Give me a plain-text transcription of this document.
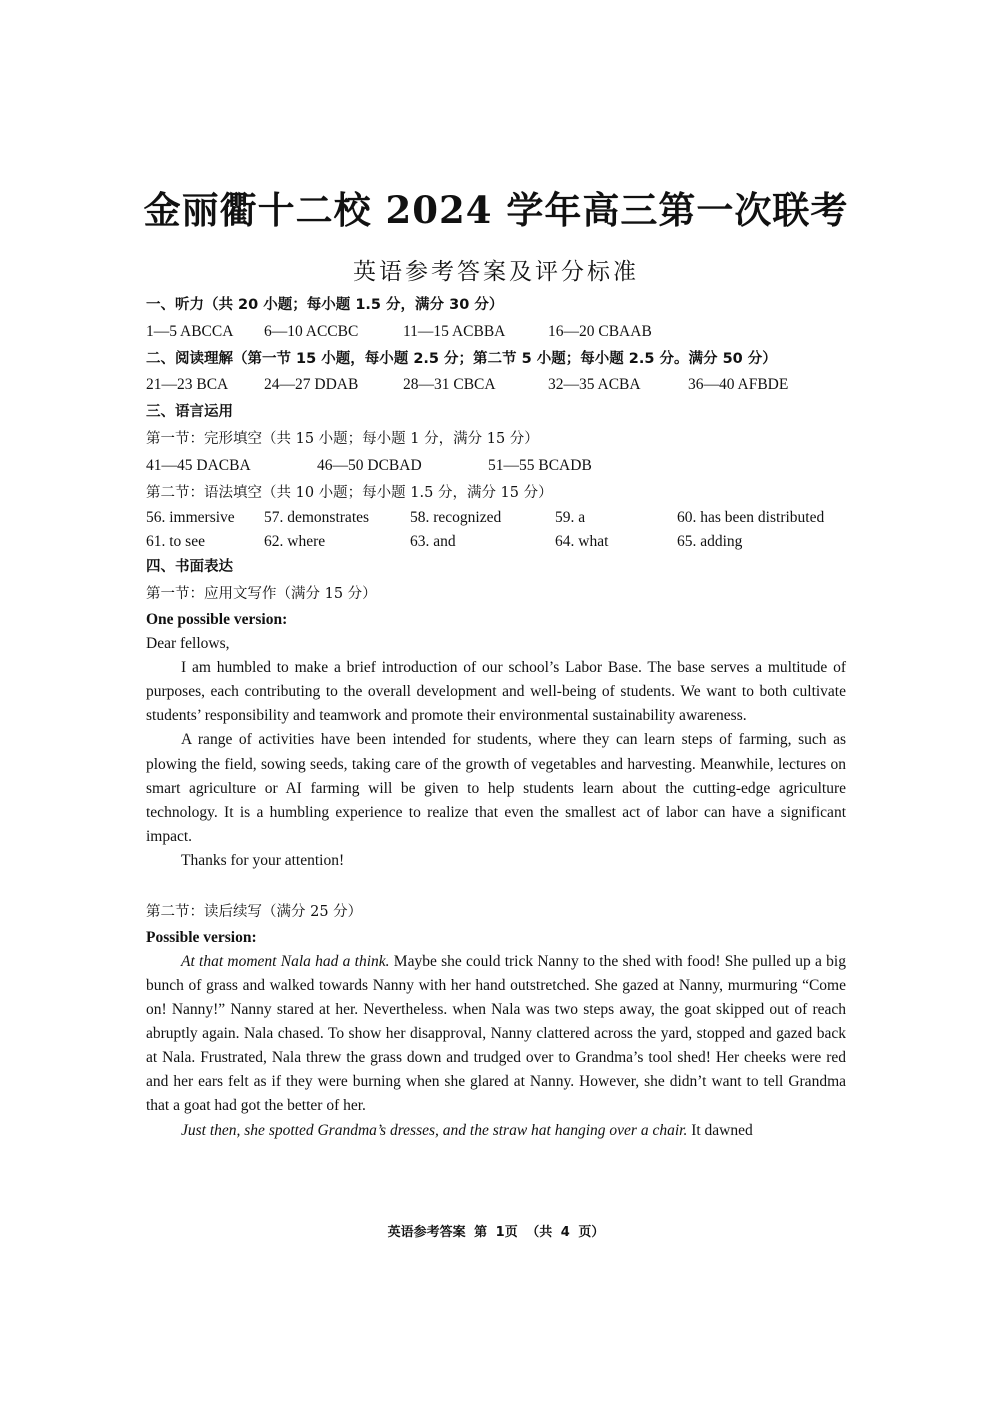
金丽衢十二校 2024 学年高三第一次联考
英语参考答案及评分标准
一、听力（共 20 小题；每小题 1.5 分，满分 30 分）
1—5 ABCCA 6—10 ACCBC	11—15 ACBBA	16—20 CBAAB
二、阅读理解（第一节 15 小题，每小题 2.5 分；第二节 5 小题；每小题 2.5 分。满分 50 分）
21—23 BCA 24—27 DDAB	28—31 CBCA	32—35 ACBA	36—40 AFBDE
三、语言运用
第一节：完形填空（共 15 小题；每小题 1 分，满分 15 分）
41—45 DACBA	46—50 DCBAD	51—55 BCADB
第二节：语法填空（共 10 小题；每小题 1.5 分，满分 15 分）
56. immersive	57. demonstrates	58. recognized	59. a	60. has been distributed
61. to see	62. where	63. and	64. what	65. adding
四、书面表达
第一节：应用文写作（满分 15 分）
One possible version:
Dear fellows,

I am humbled to make a brief introduction of our school’s Labor Base. The base serves a multitude of purposes, each contributing to the overall development and well-being of students. We want to both cultivate students’ responsibility and teamwork and promote their environmental sustainability awareness.

A range of activities have been intended for students, where they can learn steps of farming, such as plowing the field, sowing seeds, taking care of the growth of vegetables and harvesting. Meanwhile, lectures on smart agriculture or AI farming will be given to help students learn about the cutting-edge agriculture technology. It is a humbling experience to realize that even the smallest act of labor can have a significant impact.

Thanks for your attention!
第二节：读后续写（满分 25 分）
Possible version:

At that moment Nala had a think. Maybe she could trick Nanny to the shed with food! She pulled up a big bunch of grass and walked towards Nanny with her hand outstretched. She gazed at Nanny, murmuring “Come on! Nanny!” Nanny stared at her. Nevertheless. when Nala was two steps away, the goat skipped out of reach abruptly again. Nala chased. To show her disapproval, Nanny clattered across the yard, stopped and gazed back at Nala. Frustrated, Nala threw the grass down and trudged over to Grandma’s tool shed! Her cheeks were red and her ears felt as if they were burning when she glared at Nanny. However, she didn’t want to tell Grandma that a goat had got the better of her.

Just then, she spotted Grandma’s dresses, and the straw hat hanging over a chair. It dawned

英语参考答案 第 1页 （共 4 页）
